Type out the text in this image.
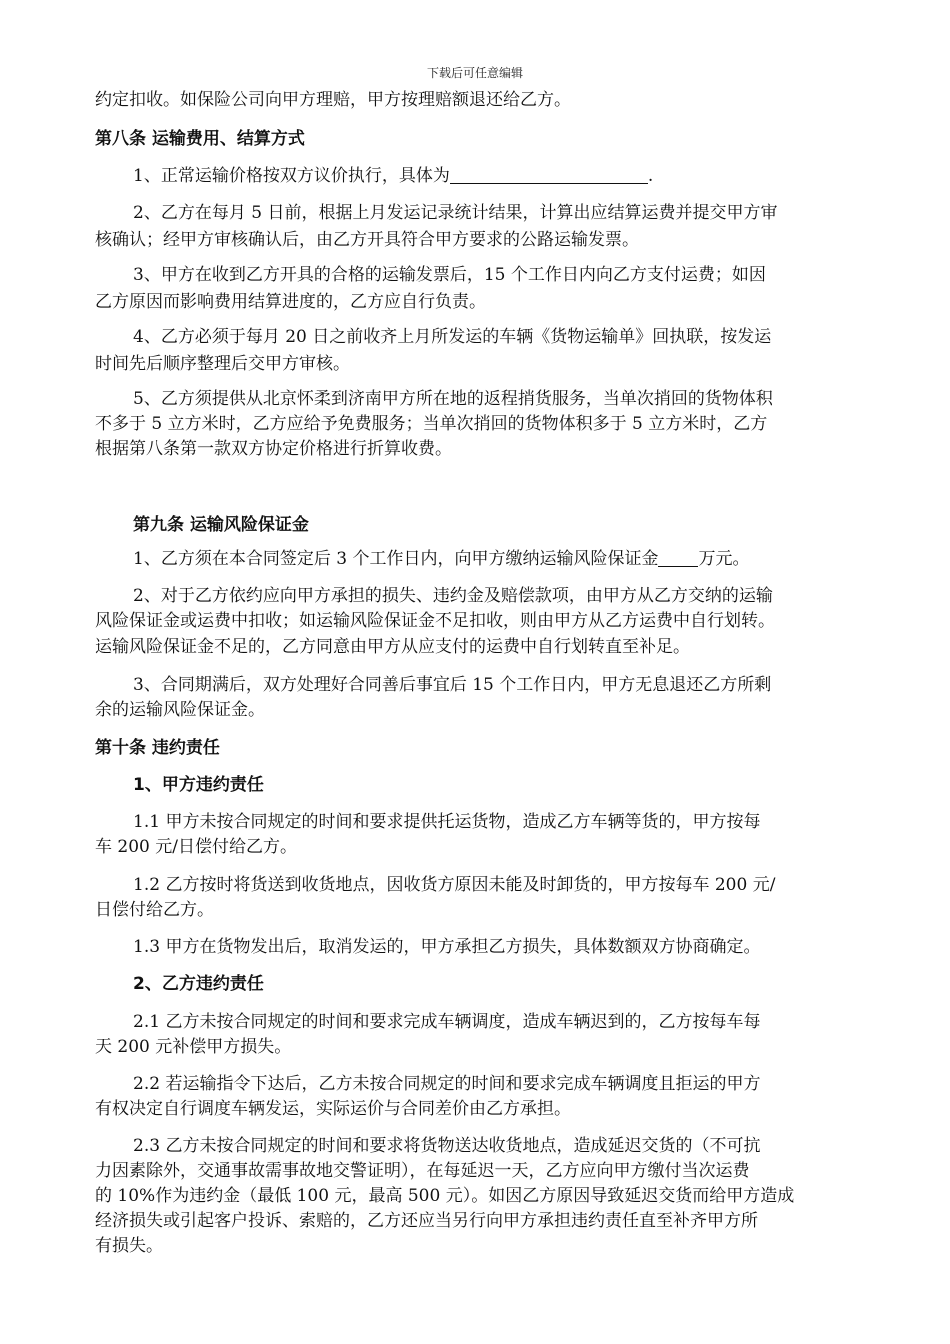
下载后可任意编辑
约定扣收。如保险公司向甲方理赔，甲方按理赔额退还给乙方。
第八条 运输费用、结算方式
1、正常运输价格按双方议价执行，具体为	.
2、乙方在每月 5 日前，根据上月发运记录统计结果，计算出应结算运费并提交甲方审
核确认；经甲方审核确认后，由乙方开具符合甲方要求的公路运输发票。
3、甲方在收到乙方开具的合格的运输发票后，15 个工作日内向乙方支付运费；如因
乙方原因而影响费用结算进度的，乙方应自行负责。
4、乙方必须于每月 20 日之前收齐上月所发运的车辆《货物运输单》回执联，按发运
时间先后顺序整理后交甲方审核。
5、乙方须提供从北京怀柔到济南甲方所在地的返程捎货服务，当单次捎回的货物体积
不多于 5 立方米时，乙方应给予免费服务；当单次捎回的货物体积多于 5 立方米时，乙方
根据第八条第一款双方协定价格进行折算收费。
第九条 运输风险保证金
1、乙方须在本合同签定后 3 个工作日内，向甲方缴纳运输风险保证金 万元。
2、对于乙方依约应向甲方承担的损失、违约金及赔偿款项，由甲方从乙方交纳的运输
风险保证金或运费中扣收；如运输风险保证金不足扣收，则由甲方从乙方运费中自行划转。
运输风险保证金不足的，乙方同意由甲方从应支付的运费中自行划转直至补足。
3、合同期满后，双方处理好合同善后事宜后 15 个工作日内，甲方无息退还乙方所剩
余的运输风险保证金。
第十条 违约责任
1、甲方违约责任
1.1 甲方未按合同规定的时间和要求提供托运货物，造成乙方车辆等货的，甲方按每
车 200 元/日偿付给乙方。
1.2 乙方按时将货送到收货地点，因收货方原因未能及时卸货的，甲方按每车 200 元/
日偿付给乙方。
1.3 甲方在货物发出后，取消发运的，甲方承担乙方损失，具体数额双方协商确定。
2、乙方违约责任
2.1 乙方未按合同规定的时间和要求完成车辆调度，造成车辆迟到的，乙方按每车每
天 200 元补偿甲方损失。
2.2 若运输指令下达后，乙方未按合同规定的时间和要求完成车辆调度且拒运的甲方
有权决定自行调度车辆发运，实际运价与合同差价由乙方承担。
2.3 乙方未按合同规定的时间和要求将货物送达收货地点，造成延迟交货的（不可抗
力因素除外，交通事故需事故地交警证明），在每延迟一天，乙方应向甲方缴付当次运费
的 10%作为违约金（最低 100 元，最高 500 元）。如因乙方原因导致延迟交货而给甲方造成
经济损失或引起客户投诉、索赔的，乙方还应当另行向甲方承担违约责任直至补齐甲方所
有损失。
